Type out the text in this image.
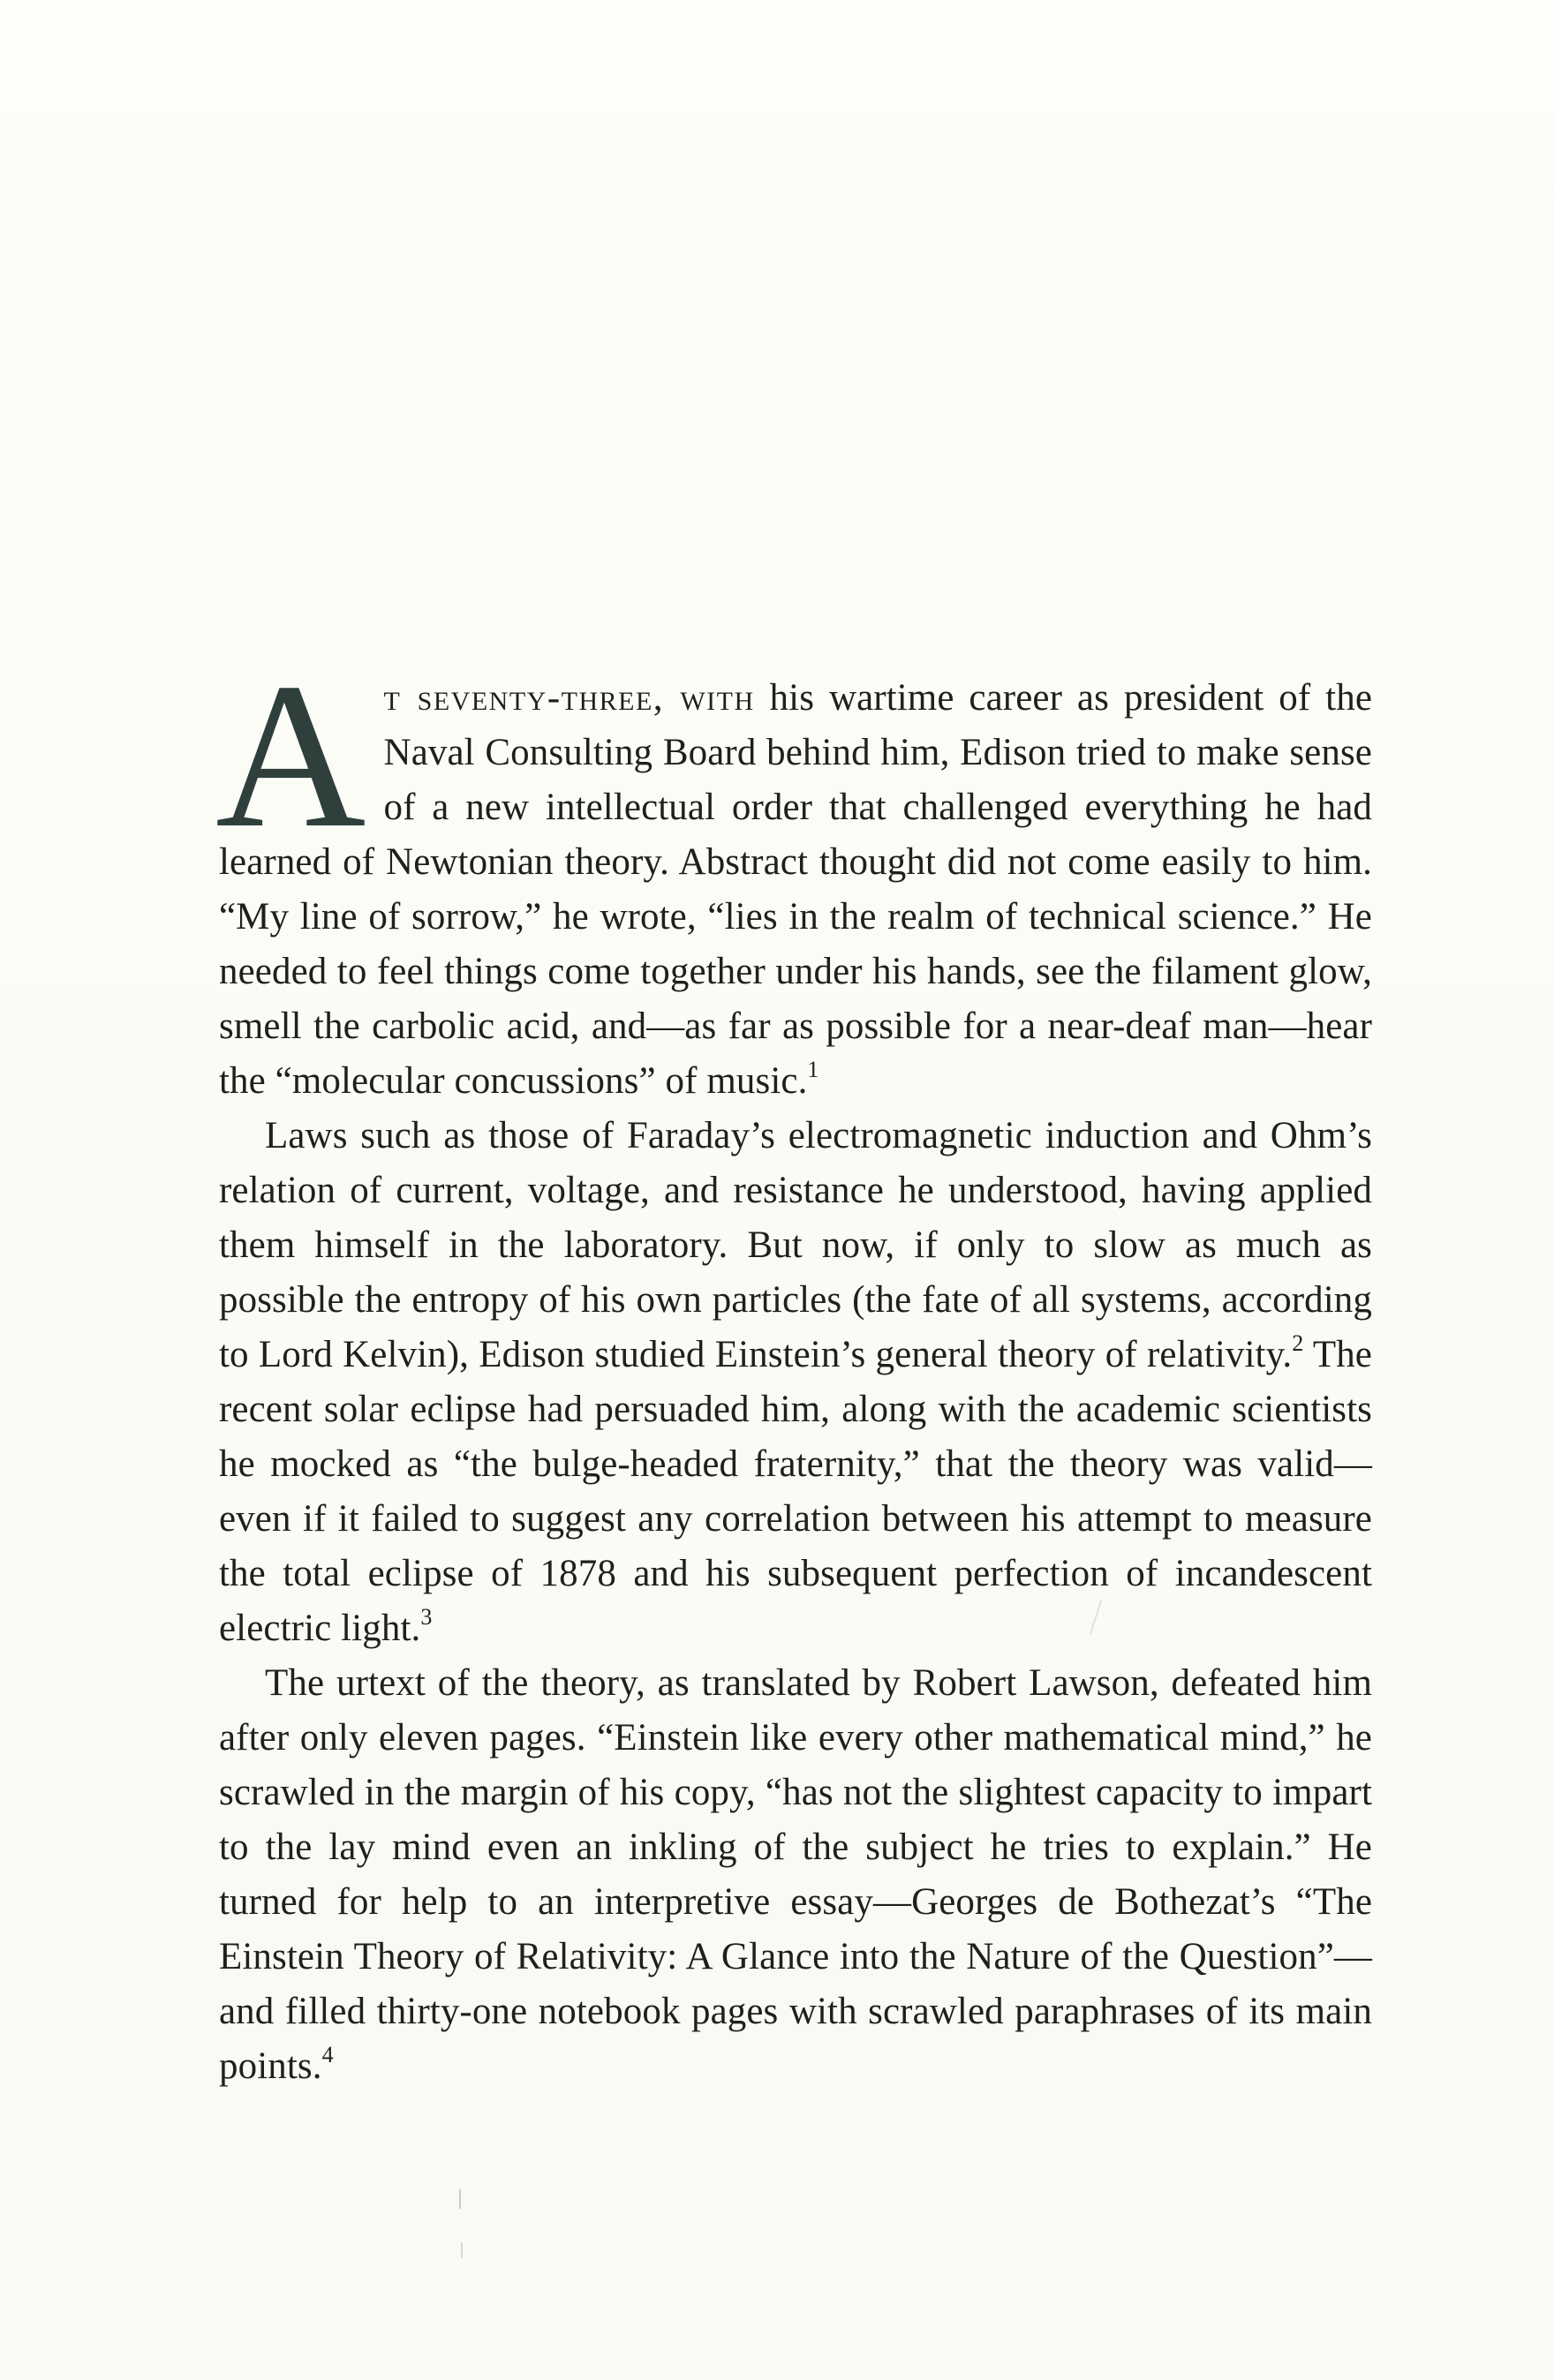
At seventy-three, with his wartime career as president of the Naval Consulting Board behind him, Edison tried to make sense of a new intellectual order that challenged everything he had learned of Newtonian theory. Abstract thought did not come easily to him. “My line of sorrow,” he wrote, “lies in the realm of technical science.” He needed to feel things come together under his hands, see the filament glow, smell the carbolic acid, and—as far as possible for a near-deaf man—hear the “molecular concussions” of music.$^1$

Laws such as those of Faraday’s electromagnetic induction and Ohm’s relation of current, voltage, and resistance he understood, having applied them himself in the laboratory. But now, if only to slow as much as possible the entropy of his own particles (the fate of all systems, according to Lord Kelvin), Edison studied Einstein’s general theory of relativity.$^2$ The recent solar eclipse had persuaded him, along with the academic scientists he mocked as “the bulge-headed fraternity,” that the theory was valid—even if it failed to suggest any correlation between his attempt to measure the total eclipse of 1878 and his subsequent perfection of incandescent electric light.$^3$

The urtext of the theory, as translated by Robert Lawson, defeated him after only eleven pages. “Einstein like every other mathematical mind,” he scrawled in the margin of his copy, “has not the slightest capacity to impart to the lay mind even an inkling of the subject he tries to explain.” He turned for help to an interpretive essay—Georges de Bothezat’s “The Einstein Theory of Relativity: A Glance into the Nature of the Question”—and filled thirty-one notebook pages with scrawled paraphrases of its main points.$^4$
